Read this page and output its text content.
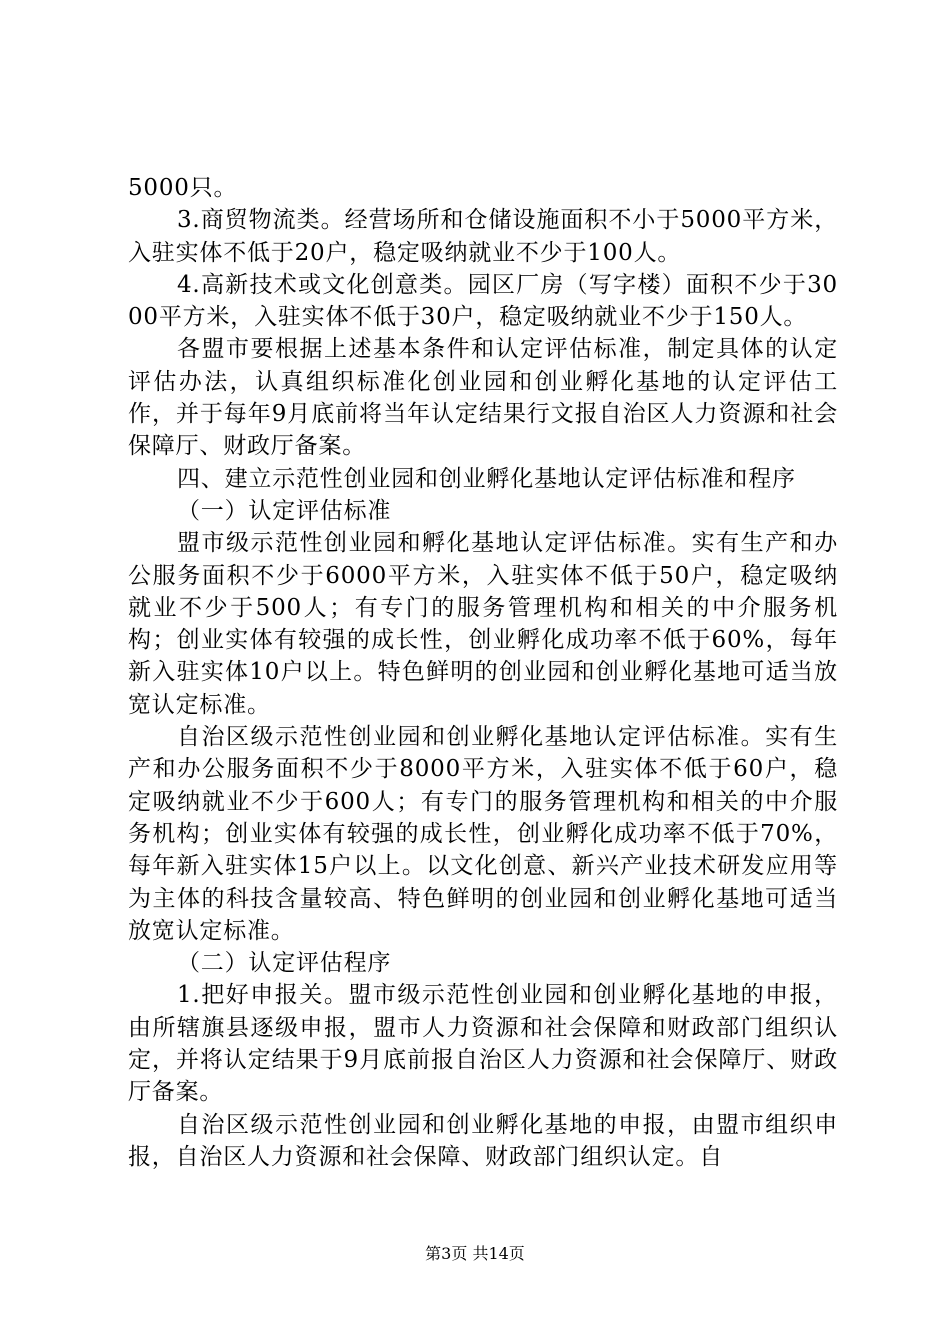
5000只。

3.商贸物流类。经营场所和仓储设施面积不小于5000平方米，入驻实体不低于20户，稳定吸纳就业不少于100人。

4.高新技术或文化创意类。园区厂房（写字楼）面积不少于3000平方米，入驻实体不低于30户，稳定吸纳就业不少于150人。

各盟市要根据上述基本条件和认定评估标准，制定具体的认定评估办法，认真组织标准化创业园和创业孵化基地的认定评估工作，并于每年9月底前将当年认定结果行文报自治区人力资源和社会保障厅、财政厅备案。

四、建立示范性创业园和创业孵化基地认定评估标准和程序

（一）认定评估标准

盟市级示范性创业园和孵化基地认定评估标准。实有生产和办公服务面积不少于6000平方米，入驻实体不低于50户，稳定吸纳就业不少于500人；有专门的服务管理机构和相关的中介服务机构；创业实体有较强的成长性，创业孵化成功率不低于60%，每年新入驻实体10户以上。特色鲜明的创业园和创业孵化基地可适当放宽认定标准。

自治区级示范性创业园和创业孵化基地认定评估标准。实有生产和办公服务面积不少于8000平方米，入驻实体不低于60户，稳定吸纳就业不少于600人；有专门的服务管理机构和相关的中介服务机构；创业实体有较强的成长性，创业孵化成功率不低于70%，每年新入驻实体15户以上。以文化创意、新兴产业技术研发应用等为主体的科技含量较高、特色鲜明的创业园和创业孵化基地可适当放宽认定标准。

（二）认定评估程序

1.把好申报关。盟市级示范性创业园和创业孵化基地的申报，由所辖旗县逐级申报，盟市人力资源和社会保障和财政部门组织认定，并将认定结果于9月底前报自治区人力资源和社会保障厅、财政厅备案。

自治区级示范性创业园和创业孵化基地的申报，由盟市组织申报，自治区人力资源和社会保障、财政部门组织认定。自

第3页 共14页
